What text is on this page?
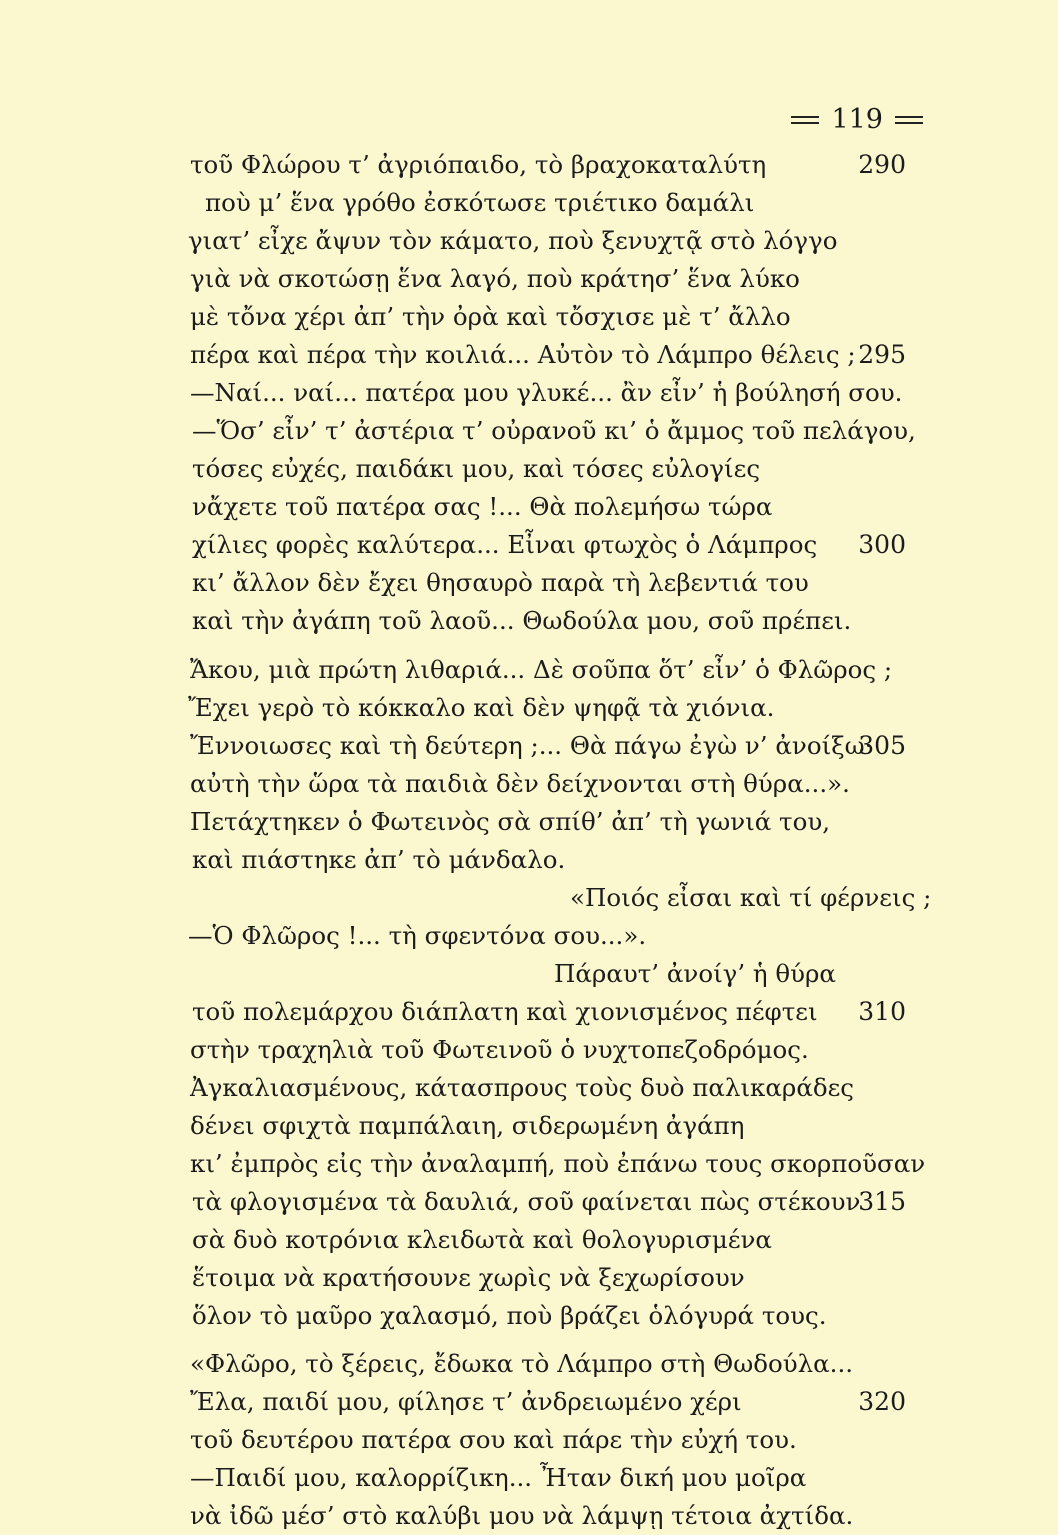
119
τοῦ Φλώρου τ’ ἀγριόπαιδο, τὸ βραχοκαταλύτη	290
ποὺ μ’ ἕνα γρόθο ἐσκότωσε τριέτικο δαμάλι
γιατ’ εἶχε ἄψυν τὸν κάματο, ποὺ ξενυχτᾷ στὸ λόγγο
γιὰ νὰ σκοτώσῃ ἕνα λαγό, ποὺ κράτησ’ ἕνα λύκο
μὲ τὄνα χέρι ἀπ’ τὴν ὀρὰ καὶ τὄσχισε μὲ τ’ ἄλλο
πέρα καὶ πέρα τὴν κοιλιά... Αὐτὸν τὸ Λάμπρο θέλεις ; 295
—Ναί... ναί... πατέρα μου γλυκέ... ἂν εἶν’ ἡ βούλησή σου.
—Ὅσ’ εἶν’ τ’ ἀστέρια τ’ οὐρανοῦ κι’ ὁ ἄμμος τοῦ πελάγου,
τόσες εὐχές, παιδάκι μου, καὶ τόσες εὐλογίες
νἄχετε τοῦ πατέρα σας !... Θὰ πολεμήσω τώρα
χίλιες φορὲς καλύτερα... Εἶναι φτωχὸς ὁ Λάμπρος 300
κι’ ἄλλον δὲν ἔχει θησαυρὸ παρὰ τὴ λεβεντιά του
καὶ τὴν ἀγάπη τοῦ λαοῦ... Θωδούλα μου, σοῦ πρέπει.
Ἄκου, μιὰ πρώτη λιθαριά... Δὲ σοῦπα ὅτ’ εἶν’ ὁ Φλῶρος ;
Ἔχει γερὸ τὸ κόκκαλο καὶ δὲν ψηφᾷ τὰ χιόνια.
Ἔννοιωσες καὶ τὴ δεύτερη ;... Θὰ πάγω ἐγὼ ν’ ἀνοίξω·
305
αὐτὴ τὴν ὥρα τὰ παιδιὰ δὲν δείχνονται στὴ θύρα...».
Πετάχτηκεν ὁ Φωτεινὸς σὰ σπίθ’ ἀπ’ τὴ γωνιά του,
καὶ πιάστηκε ἀπ’ τὸ μάνδαλο.
«Ποιός εἶσαι καὶ τί φέρνεις ;
—Ὁ Φλῶρος !... τὴ σφεντόνα σου...».
Πάραυτ’ ἀνοίγ’ ἡ θύρα
τοῦ πολεμάρχου διάπλατη καὶ χιονισμένος πέφτει 310
στὴν τραχηλιὰ τοῦ Φωτεινοῦ ὁ νυχτοπεζοδρόμος.
Ἀγκαλιασμένους, κάτασπρους τοὺς δυὸ παλικαράδες
δένει σφιχτὰ παμπάλαιη, σιδερωμένη ἀγάπη
κι’ ἐμπρὸς εἰς τὴν ἀναλαμπή, ποὺ ἐπάνω τους σκορποῦσαν
τὰ φλογισμένα τὰ δαυλιά, σοῦ φαίνεται πὼς στέκουν
315
σὰ δυὸ κοτρόνια κλειδωτὰ καὶ θολογυρισμένα
ἕτοιμα νὰ κρατήσουνε χωρὶς νὰ ξεχωρίσουν
ὅλον τὸ μαῦρο χαλασμό, ποὺ βράζει ὁλόγυρά τους.
«Φλῶρο, τὸ ξέρεις, ἔδωκα τὸ Λάμπρο στὴ Θωδούλα...
Ἔλα, παιδί μου, φίλησε τ’ ἀνδρειωμένο χέρι	320
τοῦ δευτέρου πατέρα σου καὶ πάρε τὴν εὐχή του.
—Παιδί μου, καλορρίζικη... Ἦταν δική μου μοῖρα
νὰ ἰδῶ μέσ’ στὸ καλύβι μου νὰ λάμψῃ τέτοια ἀχτίδα.
